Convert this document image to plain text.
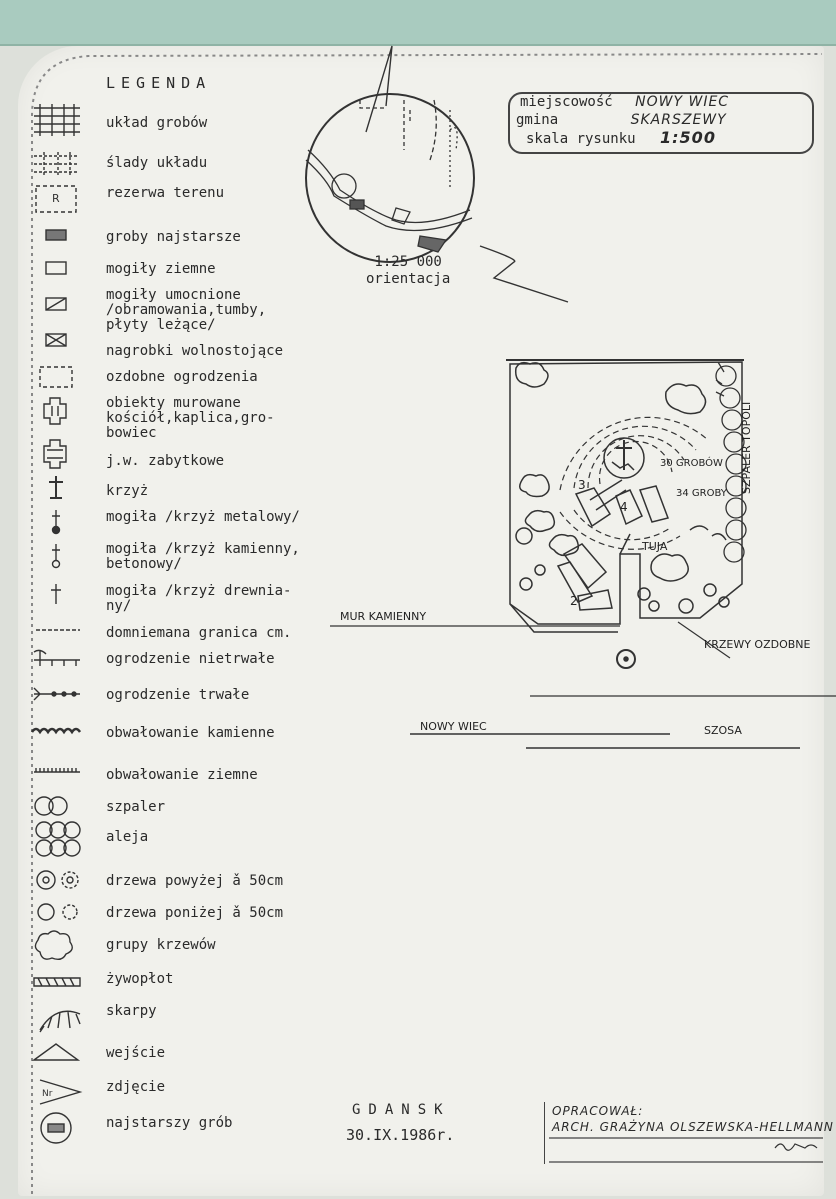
LEGENDA
układ grobów
ślady układu
rezerwa terenu
groby najstarsze
mogiły ziemne
mogiły umocnione
/obramowania,tumby,
płyty leżące/
nagrobki wolnostojące
ozdobne ogrodzenia
obiekty murowane
kościół,kaplica,gro-
bowiec
j.w. zabytkowe
krzyż
mogiła /krzyż metalowy/
mogiła /krzyż kamienny,
betonowy/
mogiła /krzyż drewnia-
ny/
domniemana granica cm.
ogrodzenie nietrwałe
ogrodzenie trwałe
obwałowanie kamienne
obwałowanie ziemne
szpaler
aleja
drzewa powyżej ǎ 50cm
drzewa poniżej ǎ 50cm
grupy krzewów
żywopłot
skarpy
wejście
zdjęcie
najstarszy grób
R
Nr
miejscowość NOWY WIEC
gmina	SKARSZEWY
skala rysunku 1:500
1:25 000
orientacja
30 GROBÓW
34 GROBY SZPALER TOPOLI
TUJA
MUR KAMIENNY
KRZEWY OZDOBNE
NOWY WIEC	SZOSA
3
4
2
GDANSK
30.IX.1986r.
OPRACOWAŁ:
ARCH. GRAŻYNA OLSZEWSKA-HELLMANN
